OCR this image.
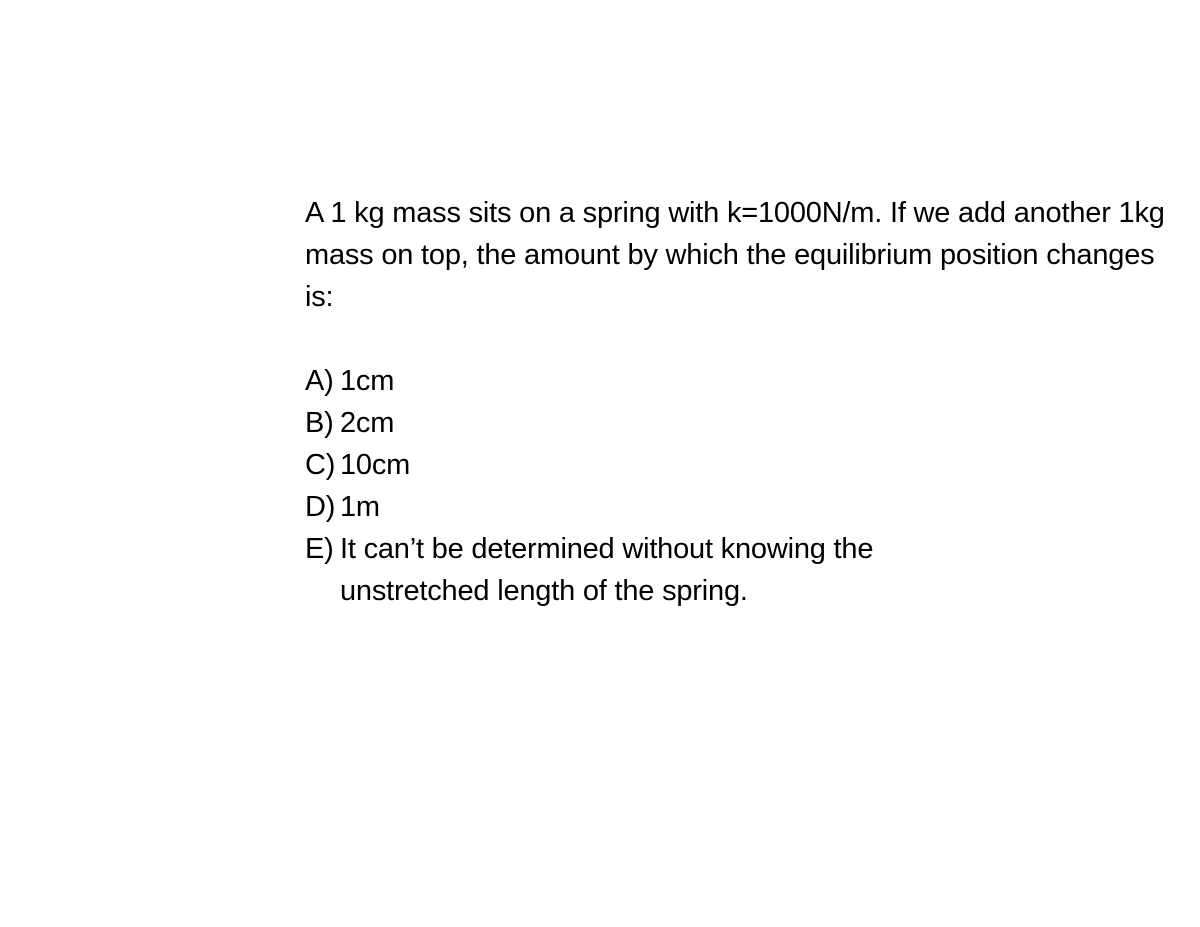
A 1 kg mass sits on a spring with k=1000N/m. If we add another 1kg mass on top, the amount by which the equilibrium position changes is:

A) 1cm
B) 2cm
C) 10cm
D) 1m
E) It can’t be determined without knowing the unstretched length of the spring.
